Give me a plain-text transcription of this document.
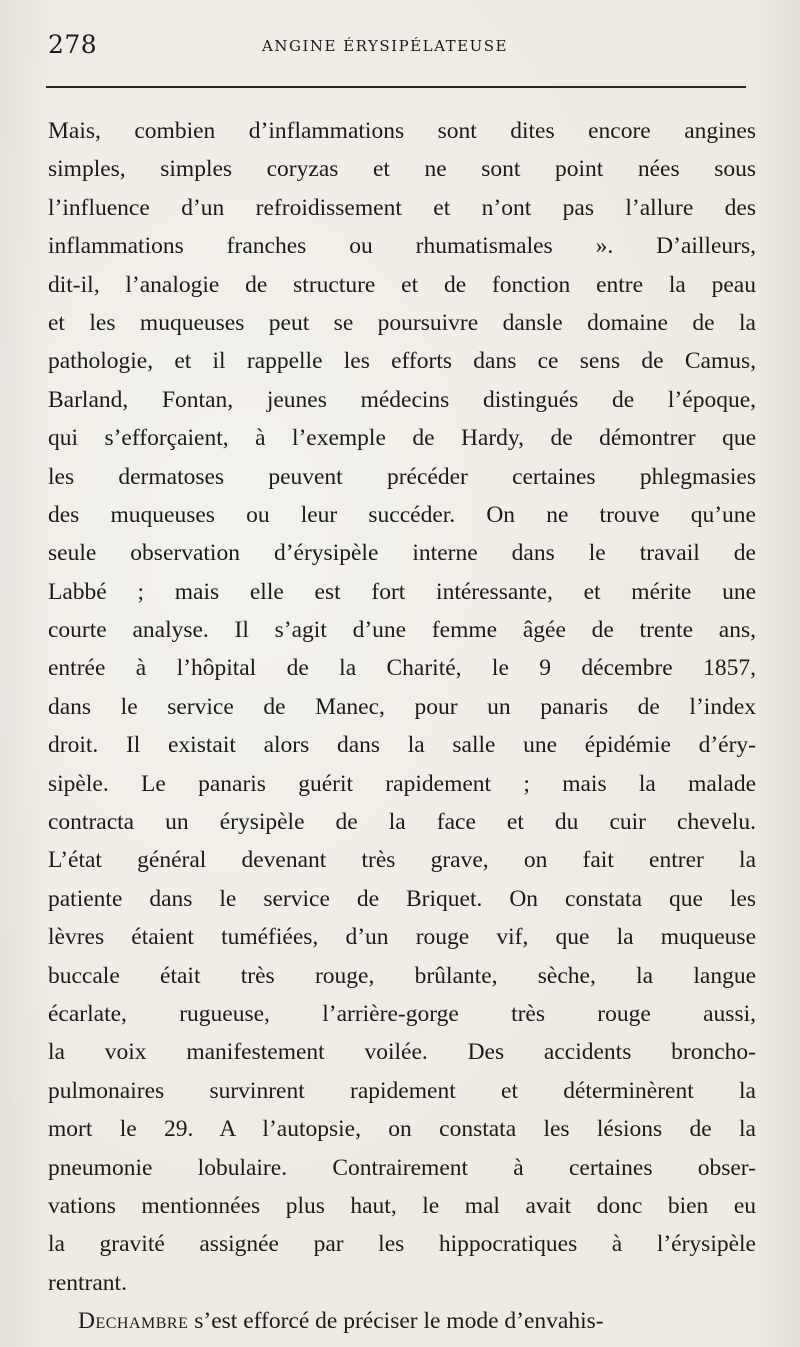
278	ANGINE ÉRYSIPÉLATEUSE
Mais, combien d’inflammations sont dites encore angines
simples, simples coryzas et ne sont point nées sous
l’influence d’un refroidissement et n’ont pas l’allure des
inflammations franches ou rhumatismales ». D’ailleurs,
dit-il, l’analogie de structure et de fonction entre la peau
et les muqueuses peut se poursuivre dansle domaine de la
pathologie, et il rappelle les efforts dans ce sens de Camus,
Barland, Fontan, jeunes médecins distingués de l’époque,
qui s’efforçaient, à l’exemple de Hardy, de démontrer que
les dermatoses peuvent précéder certaines phlegmasies
des muqueuses ou leur succéder. On ne trouve qu’une
seule observation d’érysipèle interne dans le travail de
Labbé ; mais elle est fort intéressante, et mérite une
courte analyse. Il s’agit d’une femme âgée de trente ans,
entrée à l’hôpital de la Charité, le 9 décembre 1857,
dans le service de Manec, pour un panaris de l’index
droit. Il existait alors dans la salle une épidémie d’éry-
sipèle. Le panaris guérit rapidement ; mais la malade
contracta un érysipèle de la face et du cuir chevelu.
L’état général devenant très grave, on fait entrer la
patiente dans le service de Briquet. On constata que les
lèvres étaient tuméfiées, d’un rouge vif, que la muqueuse
buccale était très rouge, brûlante, sèche, la langue
écarlate, rugueuse, l’arrière-gorge très rouge aussi,
la voix manifestement voilée. Des accidents broncho-
pulmonaires survinrent rapidement et déterminèrent la
mort le 29. A l’autopsie, on constata les lésions de la
pneumonie lobulaire. Contrairement à certaines obser-
vations mentionnées plus haut, le mal avait donc bien eu
la gravité assignée par les hippocratiques à l’érysipèle
rentrant.
Dechambre s’est efforcé de préciser le mode d’envahis-
